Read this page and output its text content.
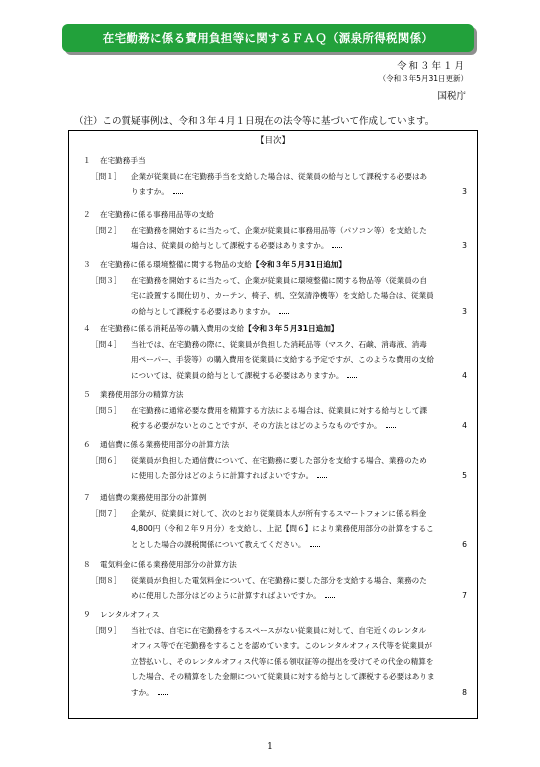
在宅勤務に係る費用負担等に関するＦＡＱ（源泉所得税関係）
令和３年１月
（令和３年5月31日更新）
国税庁
（注）この質疑事例は、令和３年４月１日現在の法令等に基づいて作成しています。
【目次】
１ 在宅勤務手当
［問１］ 企業が従業員に在宅勤務手当を支給した場合は、従業員の給与として課税する必要はあ
りますか。	3
２ 在宅勤務に係る事務用品等の支給
［問２］ 在宅勤務を開始するに当たって、企業が従業員に事務用品等（パソコン等）を支給した
場合は、従業員の給与として課税する必要はありますか。	3
３ 在宅勤務に係る環境整備に関する物品の支給【令和３年５月31日追加】
［問３］ 在宅勤務を開始するに当たって、企業が従業員に環境整備に関する物品等（従業員の自
宅に設置する間仕切り、カーテン、椅子、机、空気清浄機等）を支給した場合は、従業員
の給与として課税する必要はありますか。	3
４ 在宅勤務に係る消耗品等の購入費用の支給【令和３年５月31日追加】
［問４］ 当社では、在宅勤務の際に、従業員が負担した消耗品等（マスク、石鹸、消毒液、消毒
用ペーパー、手袋等）の購入費用を従業員に支給する予定ですが、このような費用の支給
については、従業員の給与として課税する必要はありますか。	4
５ 業務使用部分の精算方法
［問５］ 在宅勤務に通常必要な費用を精算する方法による場合は、従業員に対する給与として課
税する必要がないとのことですが、その方法とはどのようなものですか。	4
６ 通信費に係る業務使用部分の計算方法
［問６］ 従業員が負担した通信費について、在宅勤務に要した部分を支給する場合、業務のため
に使用した部分はどのように計算すればよいですか。	5
７ 通信費の業務使用部分の計算例
［問７］ 企業が、従業員に対して、次のとおり従業員本人が所有するスマートフォンに係る料金
4,800円（令和２年９月分）を支給し、上記【問６】により業務使用部分の計算をするこ
ととした場合の課税関係について教えてください。	6
８ 電気料金に係る業務使用部分の計算方法
［問８］ 従業員が負担した電気料金について、在宅勤務に要した部分を支給する場合、業務のた
めに使用した部分はどのように計算すればよいですか。	7
９ レンタルオフィス
［問９］ 当社では、自宅に在宅勤務をするスペースがない従業員に対して、自宅近くのレンタル
オフィス等で在宅勤務をすることを認めています。このレンタルオフィス代等を従業員が
立替払いし、そのレンタルオフィス代等に係る領収証等の提出を受けてその代金の精算を
した場合、その精算をした金額について従業員に対する給与として課税する必要はありま
すか。	8
1
